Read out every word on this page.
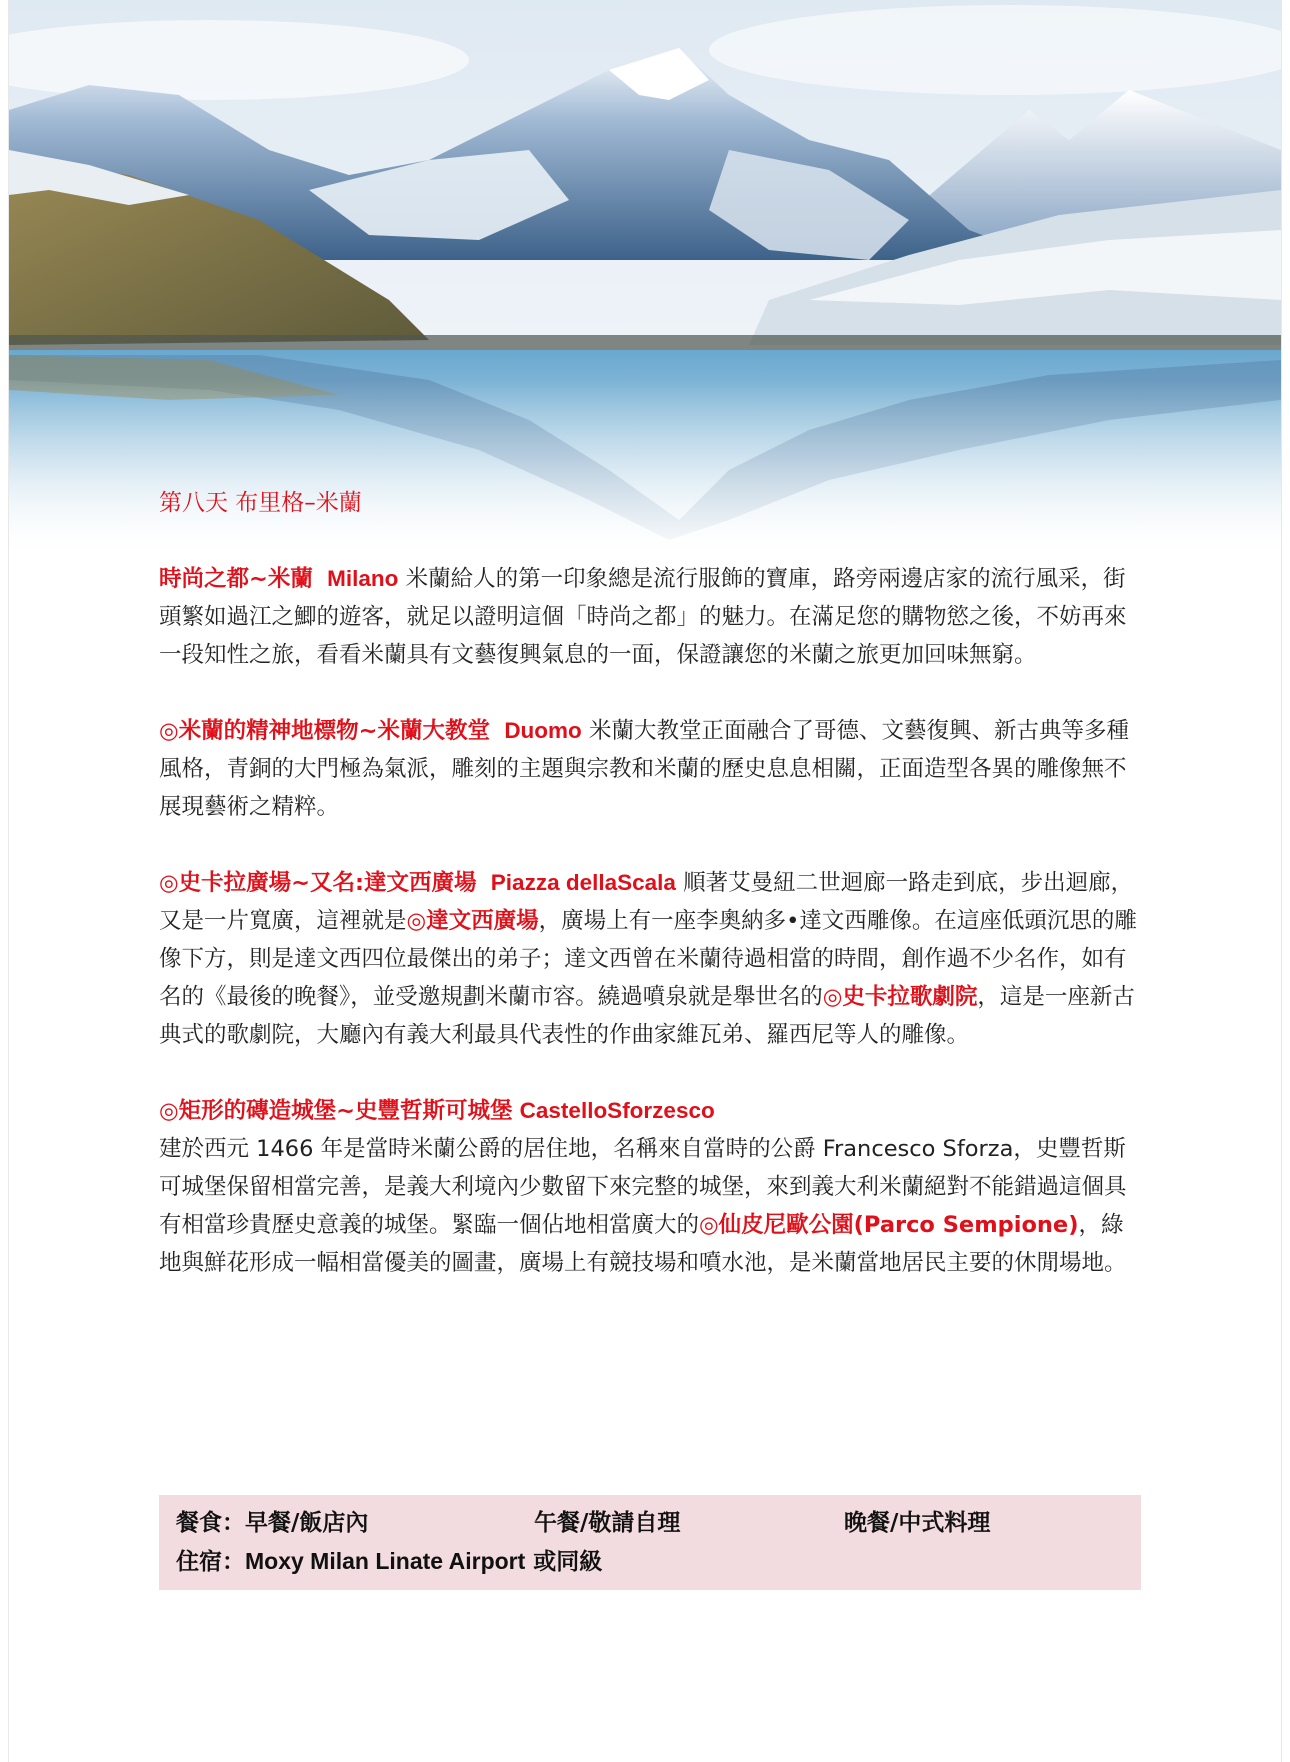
第八天 布里格–米蘭

時尚之都~米蘭 Milano 米蘭給人的第一印象總是流行服飾的寶庫，路旁兩邊店家的流行風采，街頭繁如過江之鯽的遊客，就足以證明這個「時尚之都」的魅力。在滿足您的購物慾之後，不妨再來一段知性之旅，看看米蘭具有文藝復興氣息的一面，保證讓您的米蘭之旅更加回味無窮。

◎米蘭的精神地標物~米蘭大教堂 Duomo 米蘭大教堂正面融合了哥德、文藝復興、新古典等多種風格，青銅的大門極為氣派，雕刻的主題與宗教和米蘭的歷史息息相關，正面造型各異的雕像無不展現藝術之精粹。

◎史卡拉廣場~又名:達文西廣場 Piazza dellaScala 順著艾曼紐二世迴廊一路走到底，步出迴廊，又是一片寬廣，這裡就是◎達文西廣場，廣場上有一座李奧納多•達文西雕像。在這座低頭沉思的雕像下方，則是達文西四位最傑出的弟子；達文西曾在米蘭待過相當的時間，創作過不少名作，如有名的《最後的晚餐》，並受邀規劃米蘭市容。繞過噴泉就是舉世名的◎史卡拉歌劇院，這是一座新古典式的歌劇院，大廳內有義大利最具代表性的作曲家維瓦弟、羅西尼等人的雕像。

◎矩形的磚造城堡~史豐哲斯可城堡 CastelloSforzesco

建於西元 1466 年是當時米蘭公爵的居住地，名稱來自當時的公爵 Francesco Sforza，史豐哲斯可城堡保留相當完善，是義大利境內少數留下來完整的城堡，來到義大利米蘭絕對不能錯過這個具有相當珍貴歷史意義的城堡。緊臨一個佔地相當廣大的◎仙皮尼歐公園(Parco Sempione)，綠地與鮮花形成一幅相當優美的圖畫，廣場上有競技場和噴水池，是米蘭當地居民主要的休閒場地。

餐食：早餐/飯店內	午餐/敬請自理	晚餐/中式料理
住宿：Moxy Milan Linate Airport 或同級
